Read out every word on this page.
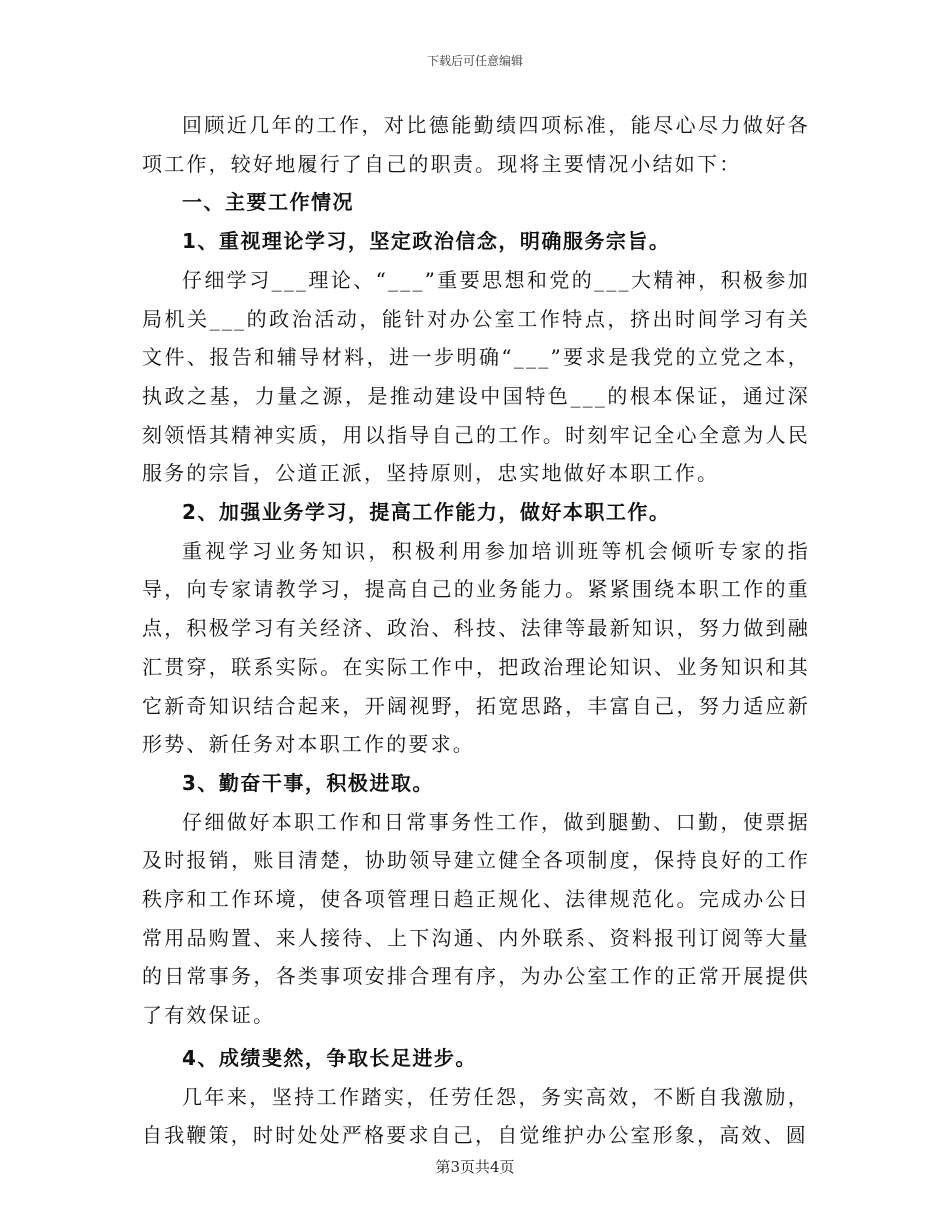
下载后可任意编辑

回顾近几年的工作，对比德能勤绩四项标准，能尽心尽力做好各项工作，较好地履行了自己的职责。现将主要情况小结如下：

一、主要工作情况

1、重视理论学习，坚定政治信念，明确服务宗旨。

仔细学习___理论、“___”重要思想和党的___大精神，积极参加局机关___的政治活动，能针对办公室工作特点，挤出时间学习有关文件、报告和辅导材料，进一步明确“___”要求是我党的立党之本，执政之基，力量之源，是推动建设中国特色___的根本保证，通过深刻领悟其精神实质，用以指导自己的工作。时刻牢记全心全意为人民服务的宗旨，公道正派，坚持原则，忠实地做好本职工作。

2、加强业务学习，提高工作能力，做好本职工作。

重视学习业务知识，积极利用参加培训班等机会倾听专家的指导，向专家请教学习，提高自己的业务能力。紧紧围绕本职工作的重点，积极学习有关经济、政治、科技、法律等最新知识，努力做到融汇贯穿，联系实际。在实际工作中，把政治理论知识、业务知识和其它新奇知识结合起来，开阔视野，拓宽思路，丰富自己，努力适应新形势、新任务对本职工作的要求。

3、勤奋干事，积极进取。

仔细做好本职工作和日常事务性工作，做到腿勤、口勤，使票据及时报销，账目清楚，协助领导建立健全各项制度，保持良好的工作秩序和工作环境，使各项管理日趋正规化、法律规范化。完成办公日常用品购置、来人接待、上下沟通、内外联系、资料报刊订阅等大量的日常事务，各类事项安排合理有序，为办公室工作的正常开展提供了有效保证。

4、成绩斐然，争取长足进步。

几年来，坚持工作踏实，任劳任怨，务实高效，不断自我激励，自我鞭策，时时处处严格要求自己，自觉维护办公室形象，高效、圆

第3页共4页
